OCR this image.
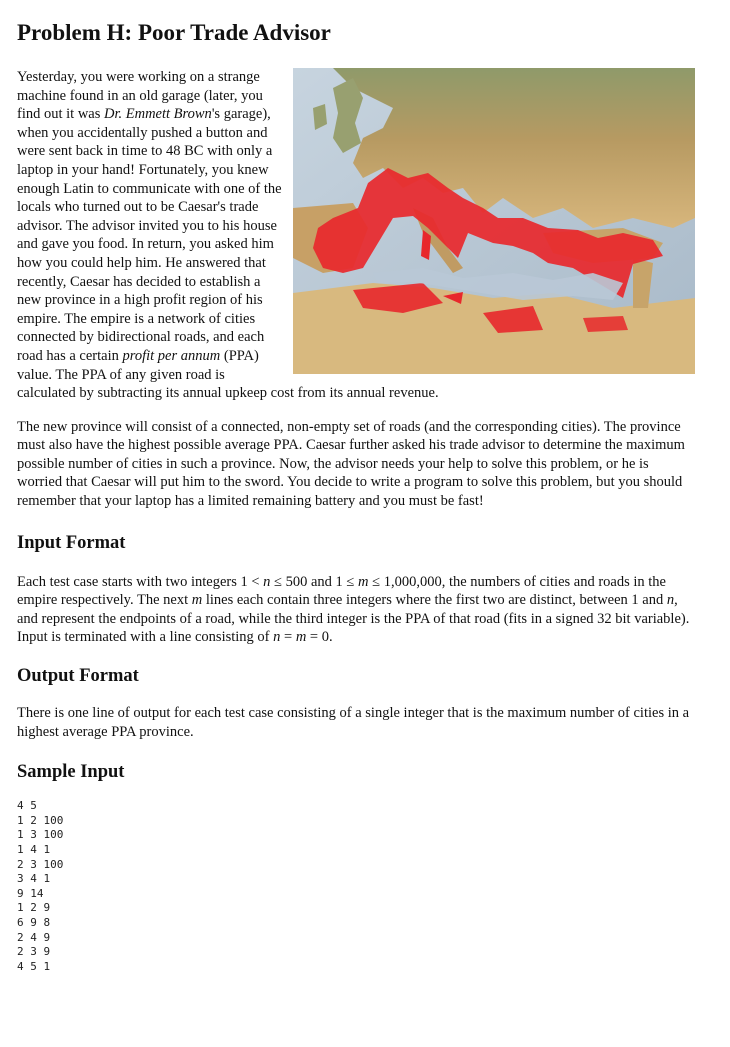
Problem H: Poor Trade Advisor

Yesterday, you were working on a strange machine found in an old garage (later, you find out it was Dr. Emmett Brown's garage), when you accidentally pushed a button and were sent back in time to 48 BC with only a laptop in your hand! Fortunately, you knew enough Latin to communicate with one of the locals who turned out to be Caesar's trade advisor. The advisor invited you to his house and gave you food. In return, you asked him how you could help him. He answered that recently, Caesar has decided to establish a new province in a high profit region of his empire. The empire is a network of cities connected by bidirectional roads, and each road has a certain profit per annum (PPA) value. The PPA of any given road is calculated by subtracting its annual upkeep cost from its annual revenue.

The new province will consist of a connected, non-empty set of roads (and the corresponding cities). The province must also have the highest possible average PPA. Caesar further asked his trade advisor to determine the maximum possible number of cities in such a province. Now, the advisor needs your help to solve this problem, or he is worried that Caesar will put him to the sword. You decide to write a program to solve this problem, but you should remember that your laptop has a limited remaining battery and you must be fast!

Input Format

Each test case starts with two integers 1 < n ≤ 500 and 1 ≤ m ≤ 1,000,000, the numbers of cities and roads in the empire respectively. The next m lines each contain three integers where the first two are distinct, between 1 and n, and represent the endpoints of a road, while the third integer is the PPA of that road (fits in a signed 32 bit variable). Input is terminated with a line consisting of n = m = 0.

Output Format

There is one line of output for each test case consisting of a single integer that is the maximum number of cities in a highest average PPA province.

Sample Input
4 5
1 2 100
1 3 100
1 4 1
2 3 100
3 4 1
9 14
1 2 9
6 9 8
2 4 9
2 3 9
4 5 1
